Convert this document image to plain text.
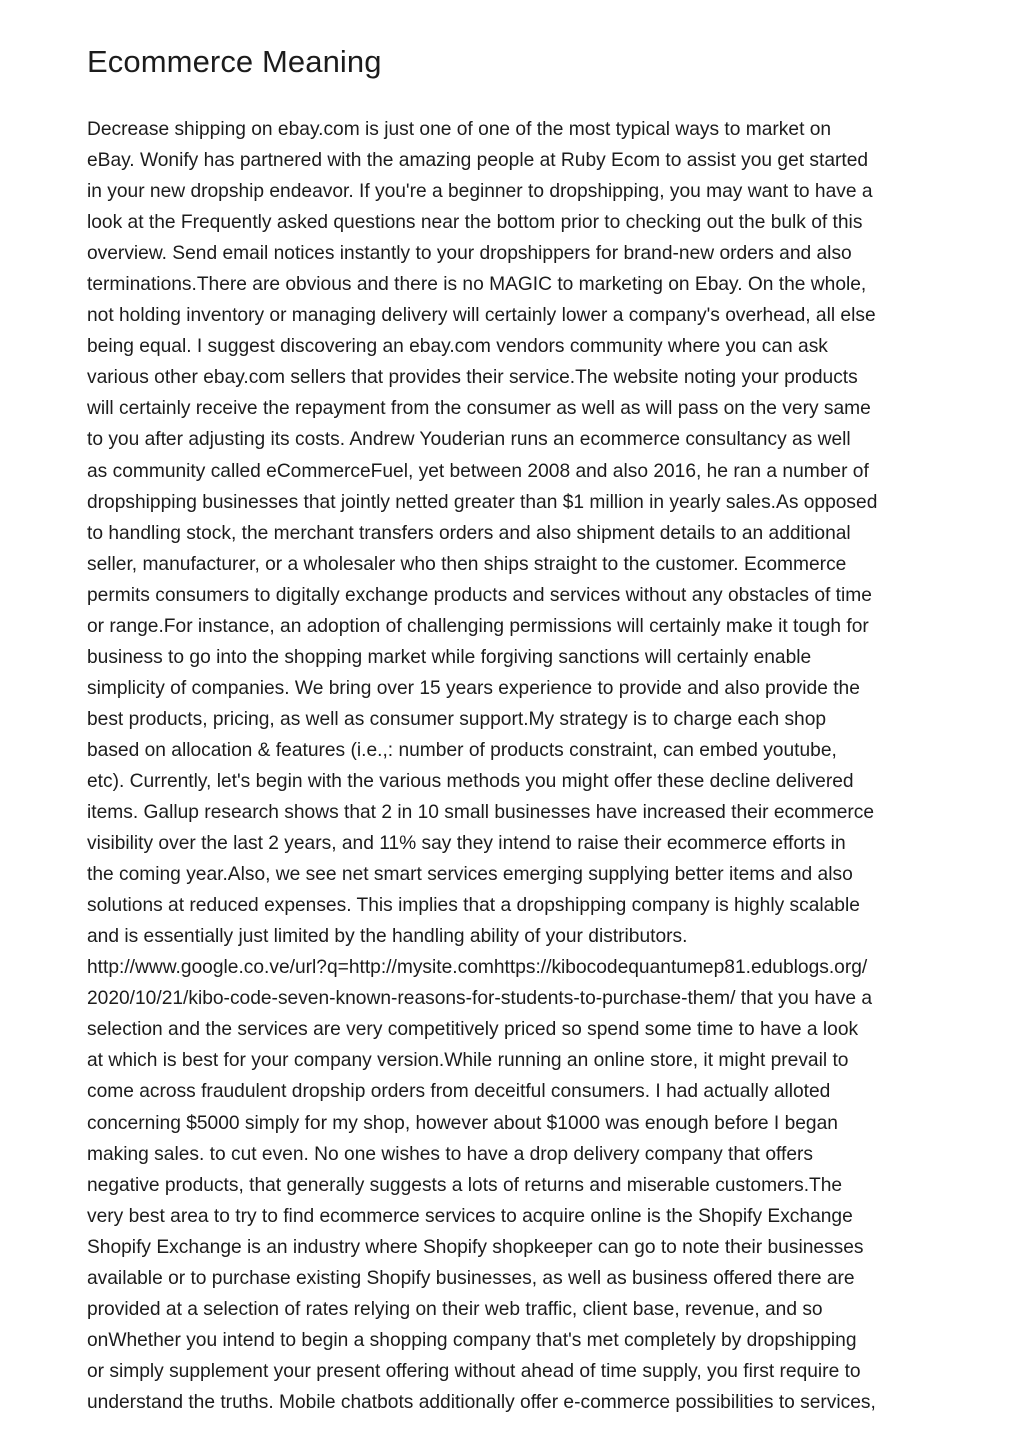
Ecommerce Meaning
Decrease shipping on ebay.com is just one of one of the most typical ways to market on
eBay. Wonify has partnered with the amazing people at Ruby Ecom to assist you get started
in your new dropship endeavor. If you're a beginner to dropshipping, you may want to have a
look at the Frequently asked questions near the bottom prior to checking out the bulk of this
overview. Send email notices instantly to your dropshippers for brand-new orders and also
terminations.There are obvious and there is no MAGIC to marketing on Ebay. On the whole,
not holding inventory or managing delivery will certainly lower a company's overhead, all else
being equal. I suggest discovering an ebay.com vendors community where you can ask
various other ebay.com sellers that provides their service.The website noting your products
will certainly receive the repayment from the consumer as well as will pass on the very same
to you after adjusting its costs. Andrew Youderian runs an ecommerce consultancy as well
as community called eCommerceFuel, yet between 2008 and also 2016, he ran a number of
dropshipping businesses that jointly netted greater than $1 million in yearly sales.As opposed
to handling stock, the merchant transfers orders and also shipment details to an additional
seller, manufacturer, or a wholesaler who then ships straight to the customer. Ecommerce
permits consumers to digitally exchange products and services without any obstacles of time
or range.For instance, an adoption of challenging permissions will certainly make it tough for
business to go into the shopping market while forgiving sanctions will certainly enable
simplicity of companies. We bring over 15 years experience to provide and also provide the
best products, pricing, as well as consumer support.My strategy is to charge each shop
based on allocation & features (i.e.,: number of products constraint, can embed youtube,
etc). Currently, let's begin with the various methods you might offer these decline delivered
items. Gallup research shows that 2 in 10 small businesses have increased their ecommerce
visibility over the last 2 years, and 11% say they intend to raise their ecommerce efforts in
the coming year.Also, we see net smart services emerging supplying better items and also
solutions at reduced expenses. This implies that a dropshipping company is highly scalable
and is essentially just limited by the handling ability of your distributors.
http://www.google.co.ve/url?q=http://mysite.comhttps://kibocodequantumep81.edublogs.org/
2020/10/21/kibo-code-seven-known-reasons-for-students-to-purchase-them/ that you have a
selection and the services are very competitively priced so spend some time to have a look
at which is best for your company version.While running an online store, it might prevail to
come across fraudulent dropship orders from deceitful consumers. I had actually alloted
concerning $5000 simply for my shop, however about $1000 was enough before I began
making sales. to cut even. No one wishes to have a drop delivery company that offers
negative products, that generally suggests a lots of returns and miserable customers.The
very best area to try to find ecommerce services to acquire online is the Shopify Exchange
Shopify Exchange is an industry where Shopify shopkeeper can go to note their businesses
available or to purchase existing Shopify businesses, as well as business offered there are
provided at a selection of rates relying on their web traffic, client base, revenue, and so
onWhether you intend to begin a shopping company that's met completely by dropshipping
or simply supplement your present offering without ahead of time supply, you first require to
understand the truths. Mobile chatbots additionally offer e-commerce possibilities to services,
